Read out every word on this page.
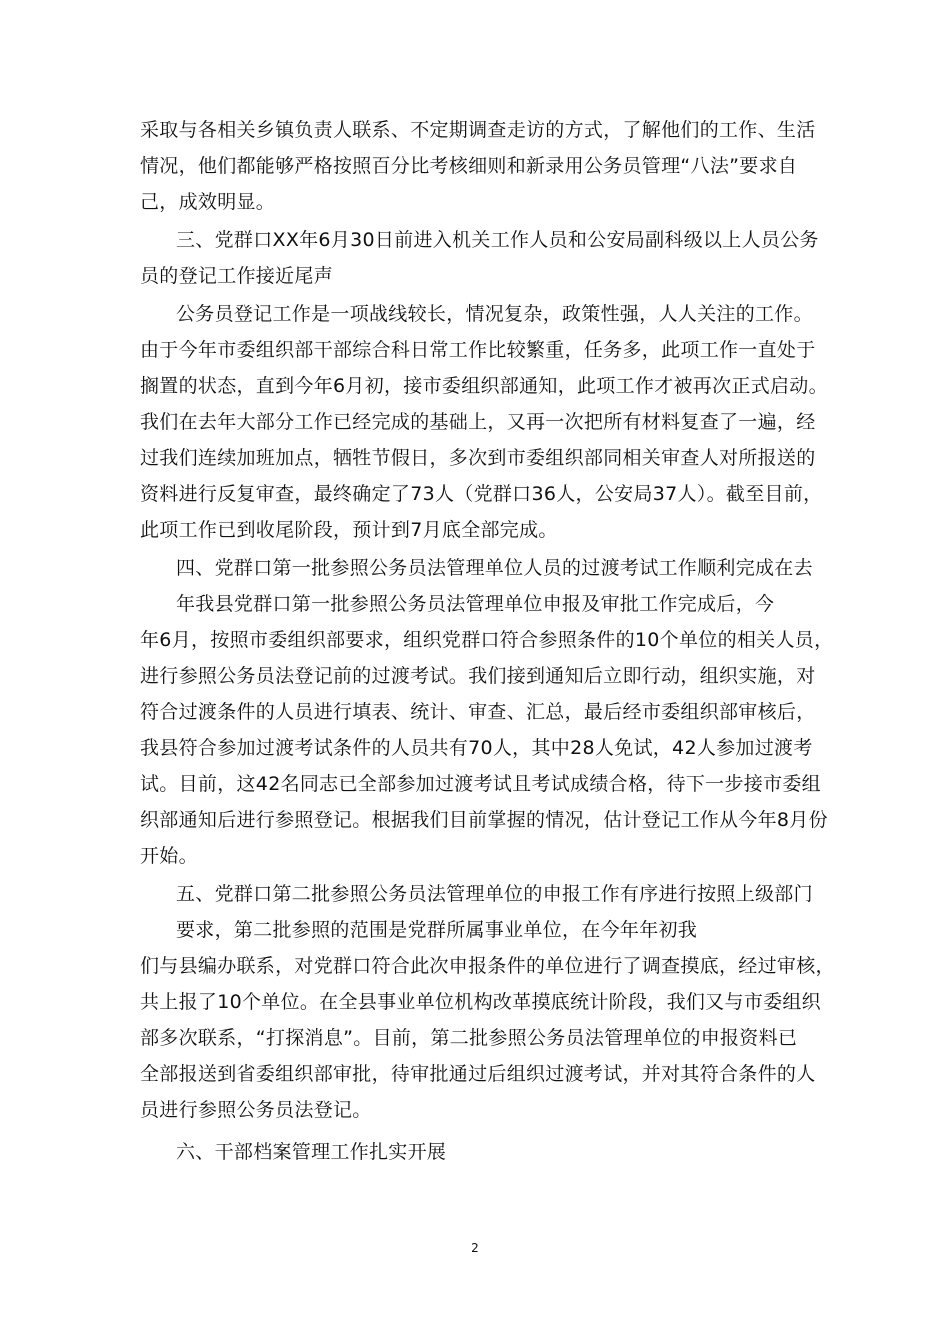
采取与各相关乡镇负责人联系、不定期调查走访的方式，了解他们的工作、生活
情况，他们都能够严格按照百分比考核细则和新录用公务员管理“八法”要求自
己，成效明显。
三、党群口XX年6月30日前进入机关工作人员和公安局副科级以上人员公务
员的登记工作接近尾声
公务员登记工作是一项战线较长，情况复杂，政策性强，人人关注的工作。
由于今年市委组织部干部综合科日常工作比较繁重，任务多，此项工作一直处于
搁置的状态，直到今年6月初，接市委组织部通知，此项工作才被再次正式启动。
我们在去年大部分工作已经完成的基础上，又再一次把所有材料复查了一遍，经
过我们连续加班加点，牺牲节假日，多次到市委组织部同相关审查人对所报送的
资料进行反复审查，最终确定了73人（党群口36人，公安局37人）。截至目前，
此项工作已到收尾阶段，预计到7月底全部完成。
四、党群口第一批参照公务员法管理单位人员的过渡考试工作顺利完成在去
年我县党群口第一批参照公务员法管理单位申报及审批工作完成后，今
年6月，按照市委组织部要求，组织党群口符合参照条件的10个单位的相关人员，
进行参照公务员法登记前的过渡考试。我们接到通知后立即行动，组织实施，对
符合过渡条件的人员进行填表、统计、审查、汇总，最后经市委组织部审核后，
我县符合参加过渡考试条件的人员共有70人，其中28人免试，42人参加过渡考
试。目前，这42名同志已全部参加过渡考试且考试成绩合格，待下一步接市委组
织部通知后进行参照登记。根据我们目前掌握的情况，估计登记工作从今年8月份
开始。
五、党群口第二批参照公务员法管理单位的申报工作有序进行按照上级部门
要求，第二批参照的范围是党群所属事业单位，在今年年初我
们与县编办联系，对党群口符合此次申报条件的单位进行了调查摸底，经过审核，
共上报了10个单位。在全县事业单位机构改革摸底统计阶段，我们又与市委组织
部多次联系，“打探消息”。目前，第二批参照公务员法管理单位的申报资料已
全部报送到省委组织部审批，待审批通过后组织过渡考试，并对其符合条件的人
员进行参照公务员法登记。
六、干部档案管理工作扎实开展
2
